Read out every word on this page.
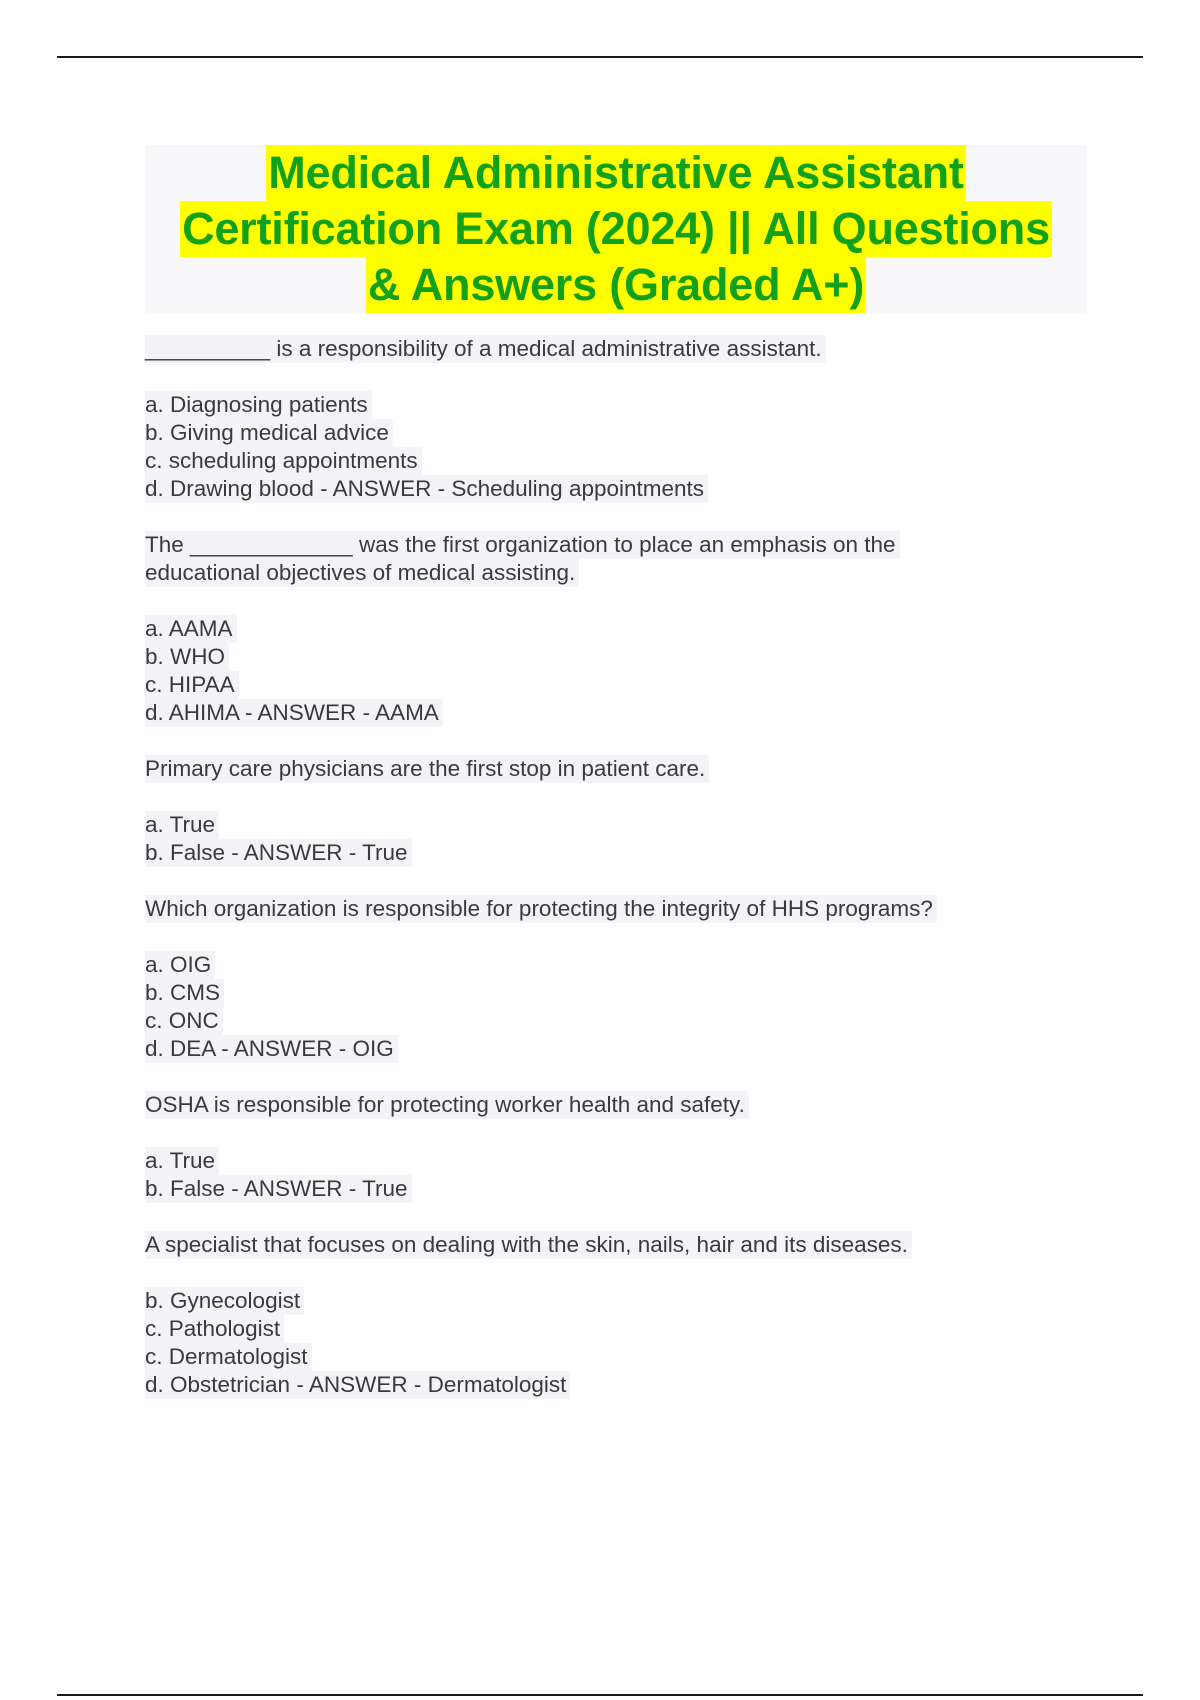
Medical Administrative Assistant
Certification Exam (2024) || All Questions
& Answers (Graded A+)
__________ is a responsibility of a medical administrative assistant.
a. Diagnosing patients
b. Giving medical advice
c. scheduling appointments
d. Drawing blood - ANSWER - Scheduling appointments
The _____________ was the first organization to place an emphasis on the
educational objectives of medical assisting.
a. AAMA
b. WHO
c. HIPAA
d. AHIMA - ANSWER - AAMA
Primary care physicians are the first stop in patient care.
a. True
b. False - ANSWER - True
Which organization is responsible for protecting the integrity of HHS programs?
a. OIG
b. CMS
c. ONC
d. DEA - ANSWER - OIG
OSHA is responsible for protecting worker health and safety.
a. True
b. False - ANSWER - True
A specialist that focuses on dealing with the skin, nails, hair and its diseases.
b. Gynecologist
c. Pathologist
c. Dermatologist
d. Obstetrician - ANSWER - Dermatologist
